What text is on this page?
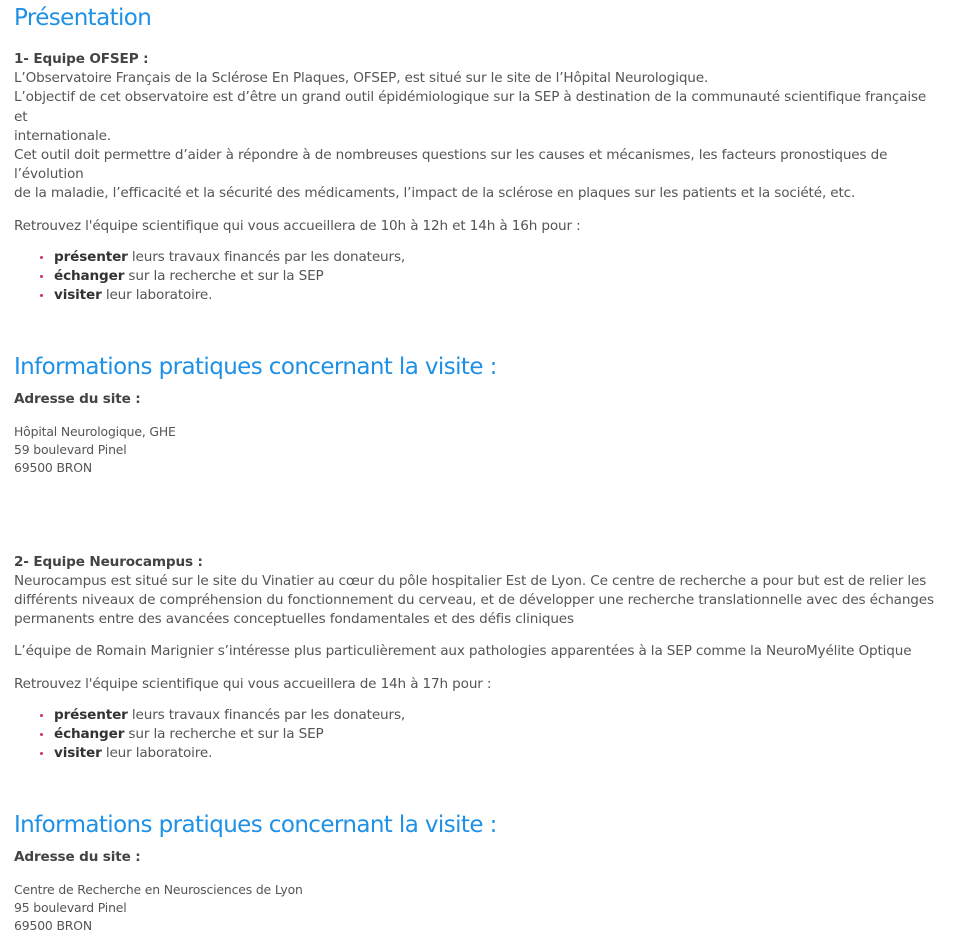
Présentation

1- Equipe OFSEP :

L’Observatoire Français de la Sclérose En Plaques, OFSEP, est situé sur le site de l’Hôpital Neurologique.

L’objectif de cet observatoire est d’être un grand outil épidémiologique sur la SEP à destination de la communauté scientifique française et

internationale.

Cet outil doit permettre d’aider à répondre à de nombreuses questions sur les causes et mécanismes, les facteurs pronostiques de l’évolution

de la maladie, l’efficacité et la sécurité des médicaments, l’impact de la sclérose en plaques sur les patients et la société, etc.

Retrouvez l'équipe scientifique qui vous accueillera de 10h à 12h et 14h à 16h pour :

présenter leurs travaux financés par les donateurs,
échanger sur la recherche et sur la SEP
visiter leur laboratoire.
Informations pratiques concernant la visite :

Adresse du site :

Hôpital Neurologique, GHE

59 boulevard Pinel

69500 BRON

2- Equipe Neurocampus :

Neurocampus est situé sur le site du Vinatier au cœur du pôle hospitalier Est de Lyon. Ce centre de recherche a pour but est de relier les

différents niveaux de compréhension du fonctionnement du cerveau, et de développer une recherche translationnelle avec des échanges

permanents entre des avancées conceptuelles fondamentales et des défis cliniques

L’équipe de Romain Marignier s’intéresse plus particulièrement aux pathologies apparentées à la SEP comme la NeuroMyélite Optique

Retrouvez l'équipe scientifique qui vous accueillera de 14h à 17h pour :

présenter leurs travaux financés par les donateurs,
échanger sur la recherche et sur la SEP
visiter leur laboratoire.
Informations pratiques concernant la visite :

Adresse du site :

Centre de Recherche en Neurosciences de Lyon

95 boulevard Pinel

69500 BRON
